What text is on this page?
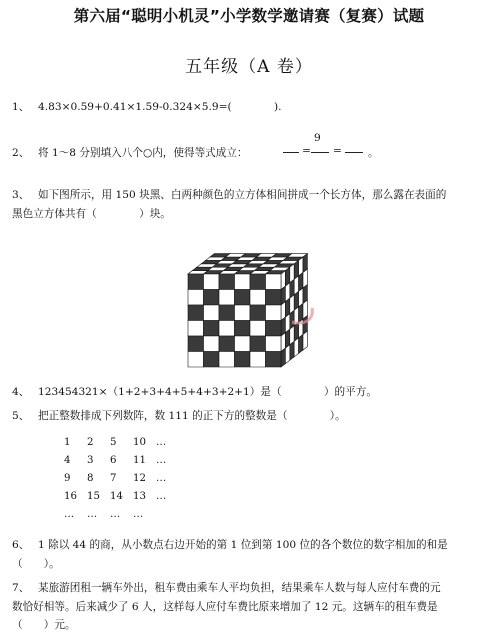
第六届“聪明小机灵”小学数学邀请赛（复赛）试题
五年级（A 卷）
1、 4.83×0.59+0.41×1.59-0.324×5.9=(　　　　).
2、 将 1～8 分别填入八个○内，使得等式成立：	=
9
= 。
3、 如下图所示，用 150 块黑、白两种颜色的立方体相间拼成一个长方体，那么露在表面的
黑色立方体共有（　　　　）块。
4、 123454321×（1+2+3+4+5+4+3+2+1）是（　　　　）的平方。
5、 把正整数排成下列数阵，数 111 的正下方的整数是（　　　　）。
1 2 5 10 …
4 3 6 11 …
9 8 7 12 …
16 15 14 13 …
… … … …
6、 1 除以 44 的商，从小数点右边开始的第 1 位到第 100 位的各个数位的数字相加的和是
（　　）。
7、 某旅游团租一辆车外出，租车费由乘车人平均负担，结果乘车人数与每人应付车费的元
数恰好相等。后来减少了 6 人，这样每人应付车费比原来增加了 12 元。这辆车的租车费是
（　　）元。
